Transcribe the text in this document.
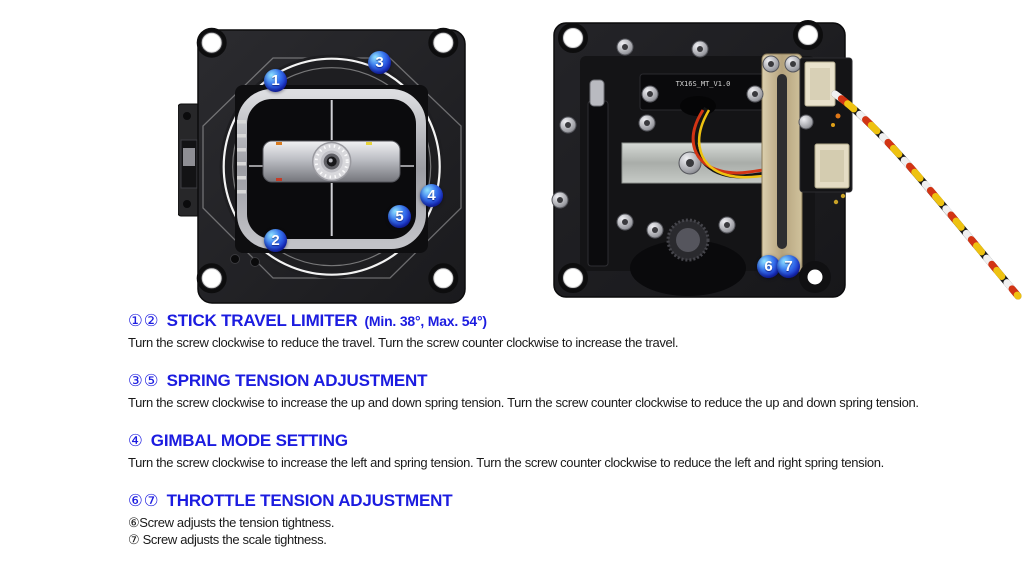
TX16S_MT_V1.0
1
2
3
4
5
6 7
①② STICK TRAVEL LIMITER (Min. 38°, Max. 54°)

Turn the screw clockwise to reduce the travel. Turn the screw counter clockwise to increase the travel.

③⑤ SPRING TENSION ADJUSTMENT

Turn the screw clockwise to increase the up and down spring tension. Turn the screw counter clockwise to reduce the up and down spring tension.

④ GIMBAL MODE SETTING

Turn the screw clockwise to increase the left and spring tension. Turn the screw counter clockwise to reduce the left and right spring tension.

⑥⑦ THROTTLE TENSION ADJUSTMENT

⑥Screw adjusts the tension tightness.

⑦ Screw adjusts the scale tightness.
